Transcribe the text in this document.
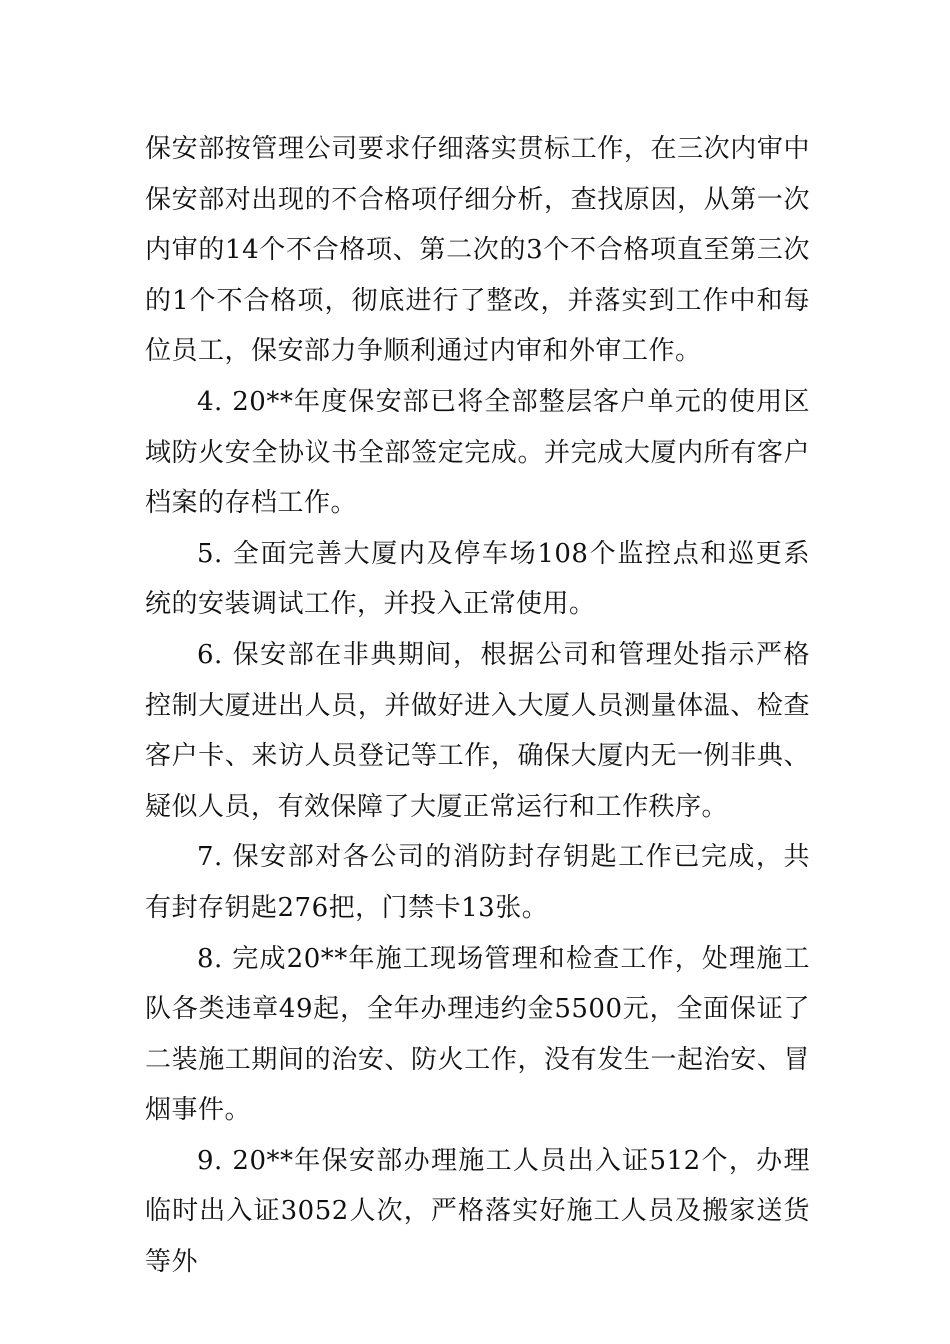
保安部按管理公司要求仔细落实贯标工作，在三次内审中保安部对出现的不合格项仔细分析，查找原因，从第一次内审的14个不合格项、第二次的3个不合格项直至第三次的1个不合格项，彻底进行了整改，并落实到工作中和每位员工，保安部力争顺利通过内审和外审工作。

4. 20**年度保安部已将全部整层客户单元的使用区域防火安全协议书全部签定完成。并完成大厦内所有客户档案的存档工作。

5. 全面完善大厦内及停车场108个监控点和巡更系统的安装调试工作，并投入正常使用。

6. 保安部在非典期间，根据公司和管理处指示严格控制大厦进出人员，并做好进入大厦人员测量体温、检查客户卡、来访人员登记等工作，确保大厦内无一例非典、疑似人员，有效保障了大厦正常运行和工作秩序。

7. 保安部对各公司的消防封存钥匙工作已完成，共有封存钥匙276把，门禁卡13张。

8. 完成20**年施工现场管理和检查工作，处理施工队各类违章49起，全年办理违约金5500元，全面保证了二装施工期间的治安、防火工作，没有发生一起治安、冒烟事件。

9. 20**年保安部办理施工人员出入证512个，办理临时出入证3052人次，严格落实好施工人员及搬家送货等外
